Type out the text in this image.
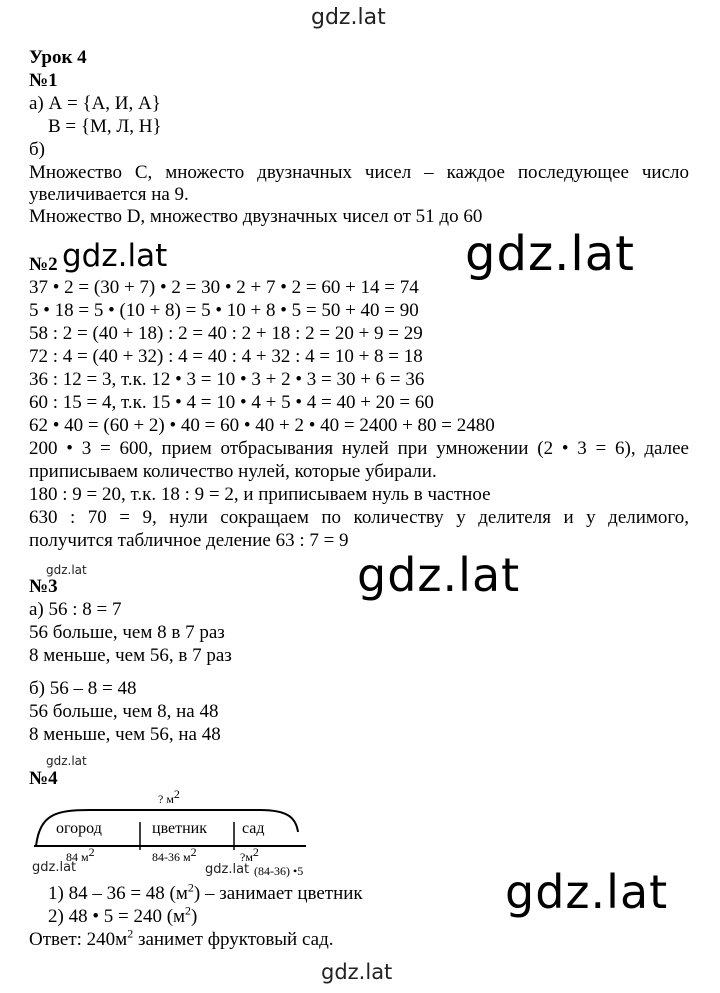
gdz.lat
gdz.lat
gdz.lat
gdz.lat
gdz.lat
gdz.lat
gdz.lat
gdz.lat	gdz.lat
gdz.lat
Урок 4
№1
а) А = {А, И, А}
В = {М, Л, Н}
б)
Множество С, множесто двузначных чисел – каждое последующее число
увеличивается на 9.
Множество D, множество двузначных чисел от 51 до 60
№2
37 • 2 = (30 + 7) • 2 = 30 • 2 + 7 • 2 = 60 + 14 = 74
5 • 18 = 5 • (10 + 8) = 5 • 10 + 8 • 5 = 50 + 40 = 90
58 : 2 = (40 + 18) : 2 = 40 : 2 + 18 : 2 = 20 + 9 = 29
72 : 4 = (40 + 32) : 4 = 40 : 4 + 32 : 4 = 10 + 8 = 18
36 : 12 = 3, т.к. 12 • 3 = 10 • 3 + 2 • 3 = 30 + 6 = 36
60 : 15 = 4, т.к. 15 • 4 = 10 • 4 + 5 • 4 = 40 + 20 = 60
62 • 40 = (60 + 2) • 40 = 60 • 40 + 2 • 40 = 2400 + 80 = 2480
200 • 3 = 600, прием отбрасывания нулей при умножении (2 • 3 = 6), далее
приписываем количество нулей, которые убирали.
180 : 9 = 20, т.к. 18 : 9 = 2, и приписываем нуль в частное
630 : 70 = 9, нули сокращаем по количеству у делителя и у делимого,
получится табличное деление 63 : 7 = 9
№3
а) 56 : 8 = 7
56 больше, чем 8 в 7 раз
8 меньше, чем 56, в 7 раз
б) 56 – 8 = 48
56 больше, чем 8, на 48
8 меньше, чем 56, на 48
№4
? $м^2$
огород	цветник сад
84 $м^2$	84-36 $м^2$	$?м^2$
(84-36) •5
1) 84 – 36 = 48 $(м^2)$ – занимает цветник
2) 48 • 5 = 240 $(м^2)$
Ответ: $240м^2$ занимет фруктовый сад.
